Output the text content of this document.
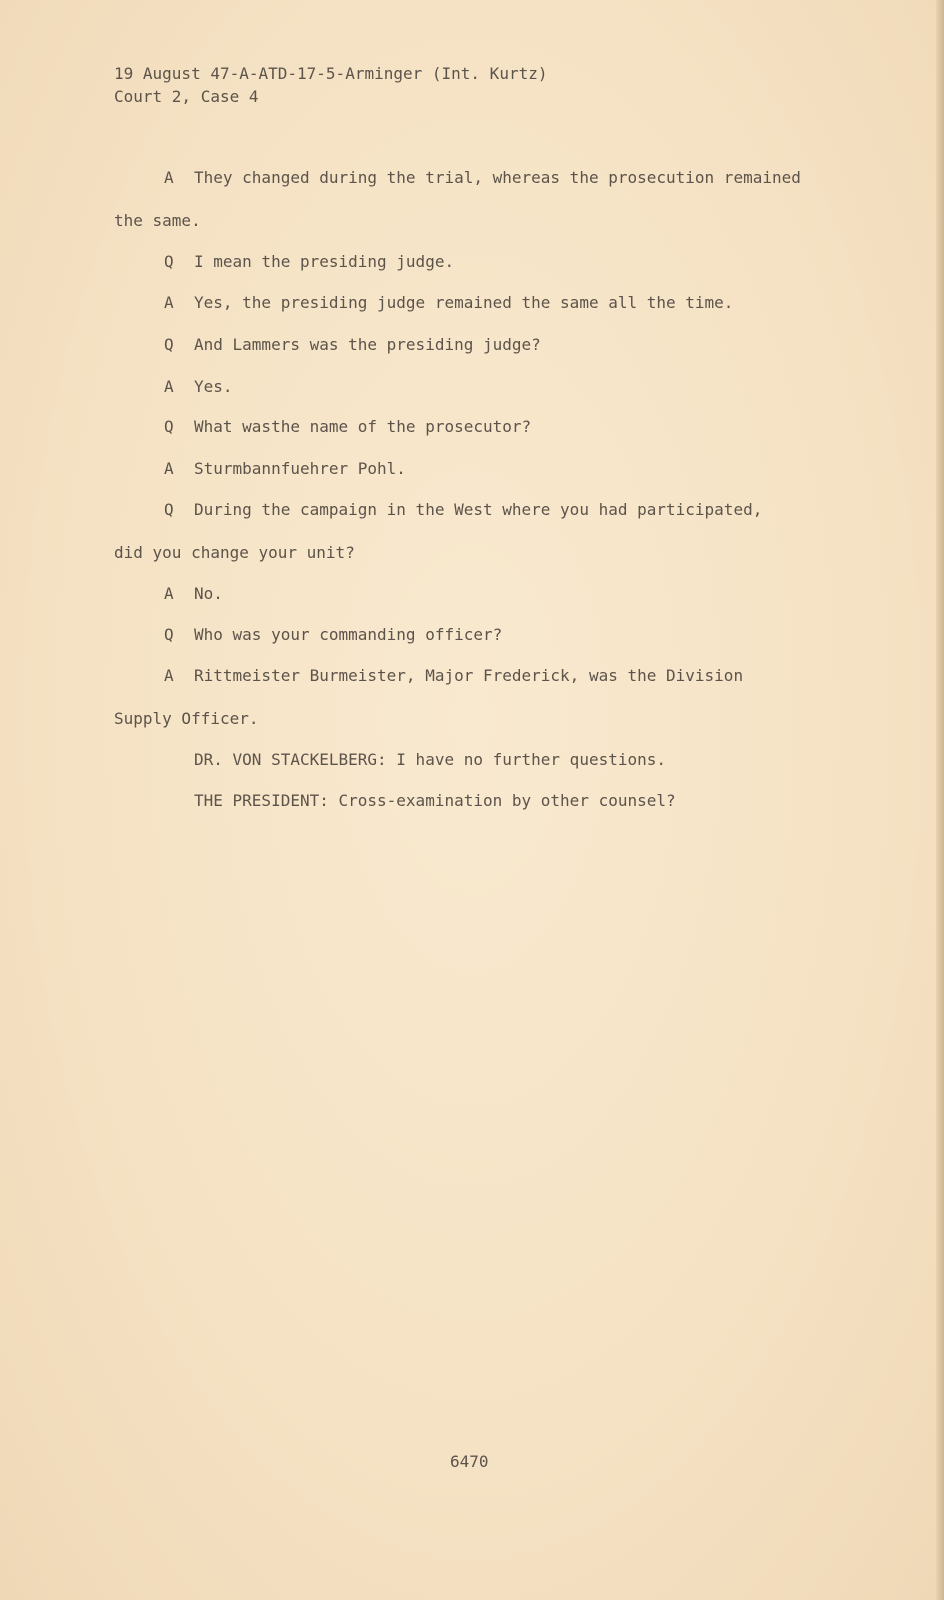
19 August 47-A-ATD-17-5-Arminger (Int. Kurtz)
Court 2, Case 4
A They changed during the trial, whereas the prosecution remained
the same.
Q I mean the presiding judge.
A Yes, the presiding judge remained the same all the time.
Q And Lammers was the presiding judge?
A Yes.
Q What wasthe name of the prosecutor?
A Sturmbannfuehrer Pohl.
Q During the campaign in the West where you had participated,
did you change your unit?
A No.
Q Who was your commanding officer?
A Rittmeister Burmeister, Major Frederick, was the Division
Supply Officer.
DR. VON STACKELBERG: I have no further questions.
THE PRESIDENT: Cross-examination by other counsel?
6470
